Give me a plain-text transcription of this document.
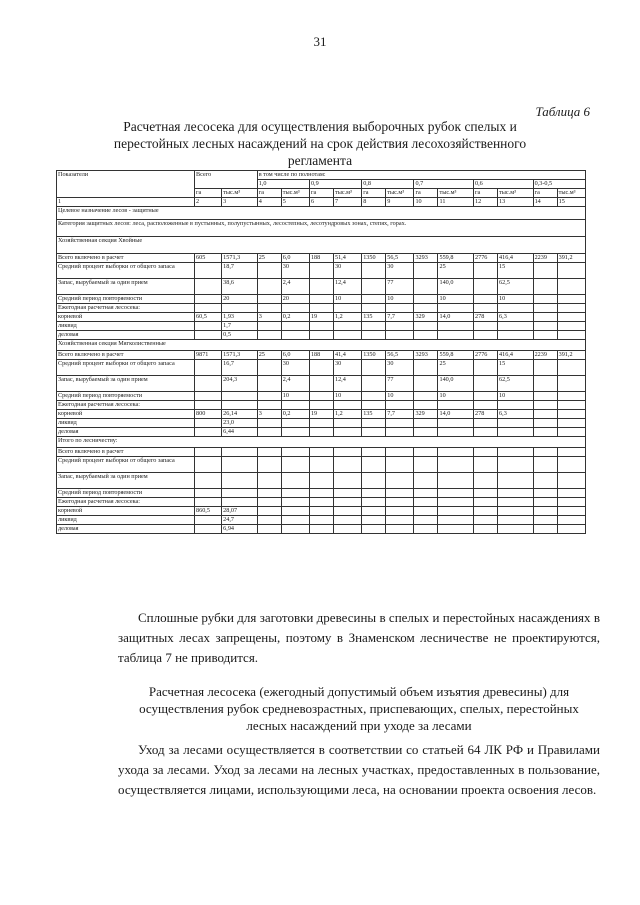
31
Таблица 6
Расчетная лесосека для осуществления выборочных рубок спелых и перестойных лесных насаждений на срок действия лесохозяйственного регламента
Показатели	Всего		в том числе по полнотам:											
			1,0		0,9		0,8		0,7		0,6		0,3-0,5	
	га	тыс.м³	га	тыс.м³	га	тыс.м³	га	тыс.м³	га	тыс.м³	га	тыс.м³	га	тыс.м³
1	2	3	4	5	6	7	8	9	10	11	12	13	14	15
Целевое назначение лесов - защитные														
Категория защитных лесов: леса, расположенные в пустынных, полупустынных, лесостепных, лесотундровых зонах, степях, горах.														
Хозяйственная секция Хвойные														
Всего включено в расчет	605	1571,3	25	6,0	188	51,4	1350	56,5	3293	559,8	2776	416,4	2239	391,2
Средний процент выборки от общего запаса		18,7		30		30		30		25		15		
Запас, вырубаемый за один прием		38,6		2,4		12,4		77		140,0		62,5		
Средний период повторяемости		20		20		10		10		10		10		
Ежегодная расчетная лесосека:														
корневой	60,5	1,93	3	0,2	19	1,2	135	7,7	329	14,0	278	6,3		
ликвид		1,7												
деловая		0,5												
Хозяйственная секция Мягколиственные														
Всего включено в расчет	9871	1571,3	25	6,0	188	41,4	1350	56,5	3293	559,8	2776	416,4	2239	391,2
Средний процент выборки от общего запаса		16,7		30		30		30		25		15		
Запас, вырубаемый за один прием		204,3		2,4		12,4		77		140,0		62,5		
Средний период повторяемости				10		10		10		10		10		
Ежегодная расчетная лесосека:														
корневой	800	26,14	3	0,2	19	1,2	135	7,7	329	14,0	278	6,3		
ликвид		23,0												
деловая		6,44												
Итого по лесничеству:														
Всего включено в расчет														
Средний процент выборки от общего запаса														
Запас, вырубаемый за один прием														
Средний период повторяемости														
Ежегодная расчетная лесосека:														
корневой	860,5	28,07												
ликвид		24,7												
деловая		6,94												
Сплошные рубки для заготовки древесины в спелых и перестойных насаждениях в защитных лесах запрещены, поэтому в Знаменском лесничестве не проектируются, таблица 7 не приводится.
Расчетная лесосека (ежегодный допустимый объем изъятия древесины) для осуществления рубок средневозрастных, приспевающих, спелых, перестойных лесных насаждений при уходе за лесами
Уход за лесами осуществляется в соответствии со статьей 64 ЛК РФ и Правилами ухода за лесами. Уход за лесами на лесных участках, предоставленных в пользование, осуществляется лицами, использующими леса, на основании проекта освоения лесов.
